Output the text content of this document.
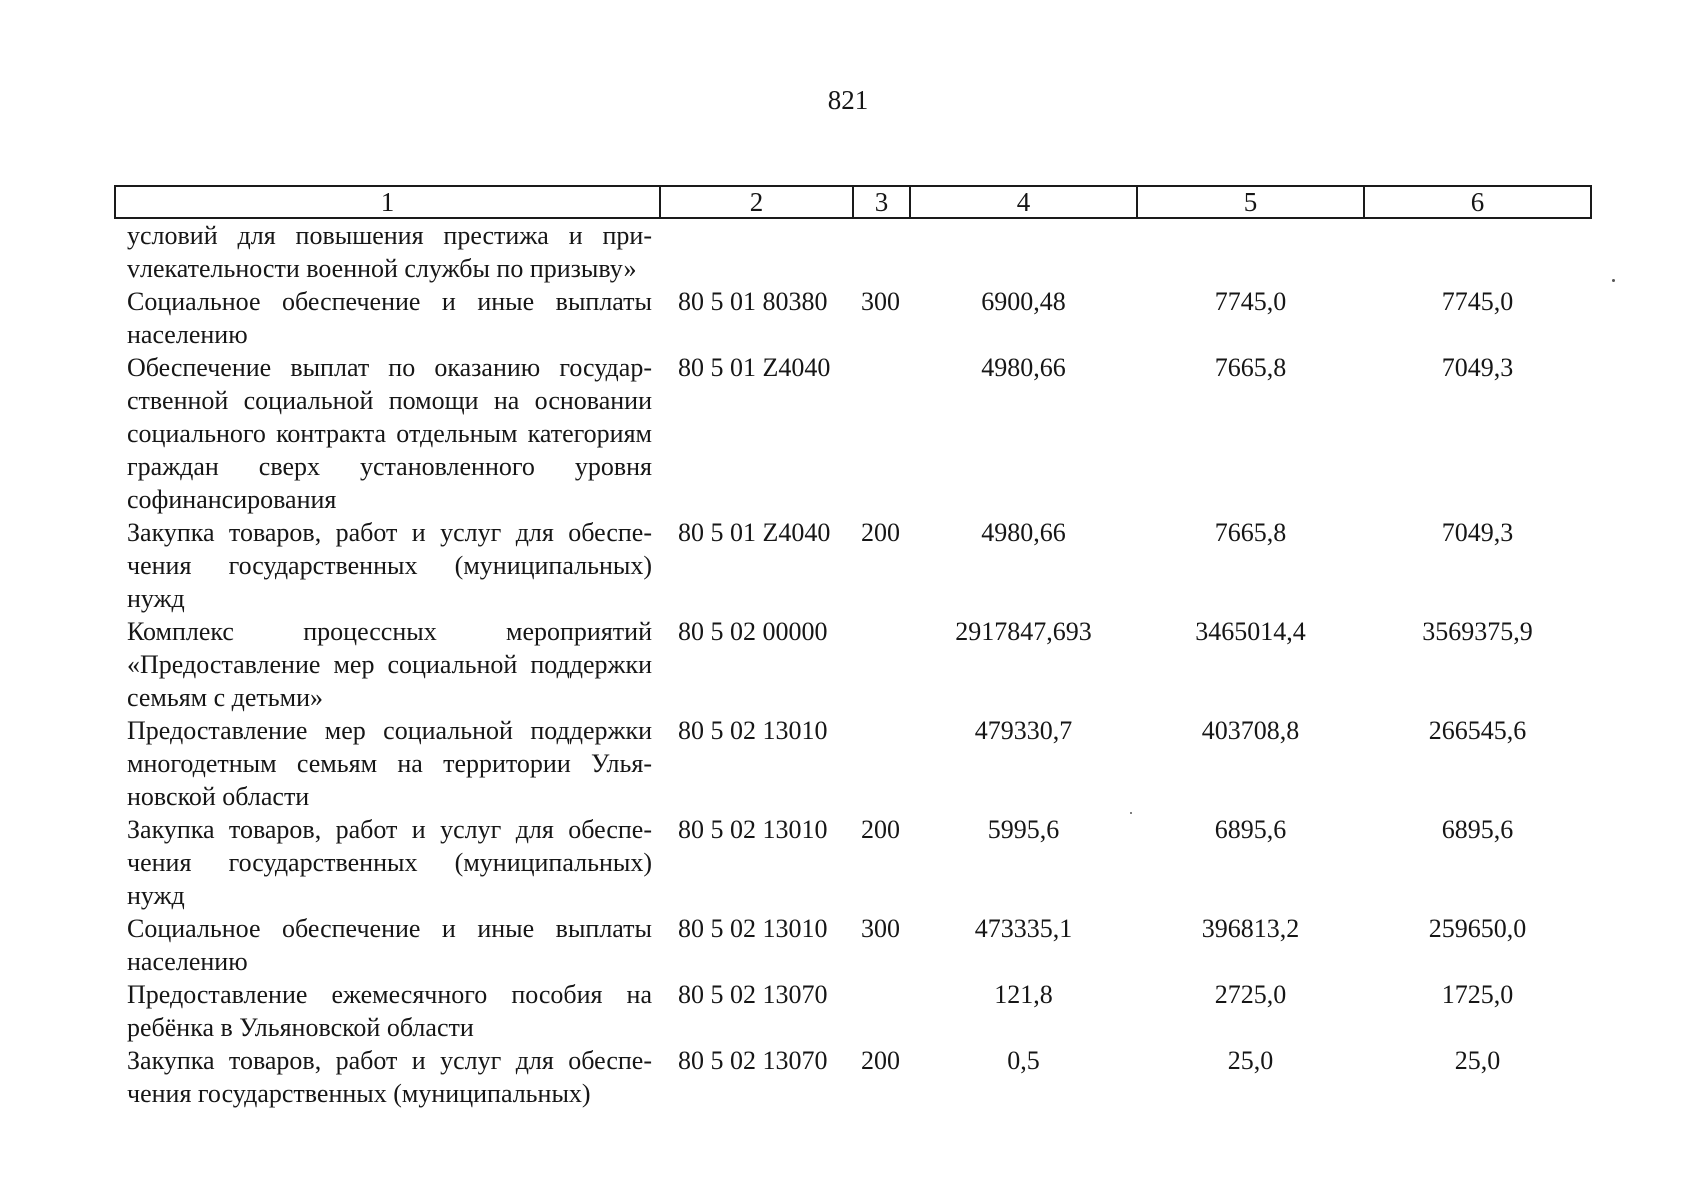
821
1	2	3	4	5	6
условий для повышения престижа и приvлекательности военной службы по призыву»					
Социальное обеспечение и иные выплаты населению	80 5 01 80380	300	6900,48	7745,0	7745,0
Обеспечение выплат по оказанию государственной социальной помощи на основании социального контракта отдельным категориям граждан сверх установленного уровня софинансирования	80 5 01 Z4040		4980,66	7665,8	7049,3
Закупка товаров, работ и услуг для обеспечения государственных (муниципальных) нужд	80 5 01 Z4040	200	4980,66	7665,8	7049,3
Комплекс процессных мероприятий «Предоставление мер социальной поддержки семьям с детьми»	80 5 02 00000		2917847,693	3465014,4	3569375,9
Предоставление мер социальной поддержки многодетным семьям на территории Ульяновской области	80 5 02 13010		479330,7	403708,8	266545,6
Закупка товаров, работ и услуг для обеспечения государственных (муниципальных) нужд	80 5 02 13010	200	5995,6	6895,6	6895,6
Социальное обеспечение и иные выплаты населению	80 5 02 13010	300	473335,1	396813,2	259650,0
Предоставление ежемесячного пособия на ребёнка в Ульяновской области	80 5 02 13070		121,8	2725,0	1725,0
Закупка товаров, работ и услуг для обеспечения государственных (муниципальных)	80 5 02 13070	200	0,5	25,0	25,0
